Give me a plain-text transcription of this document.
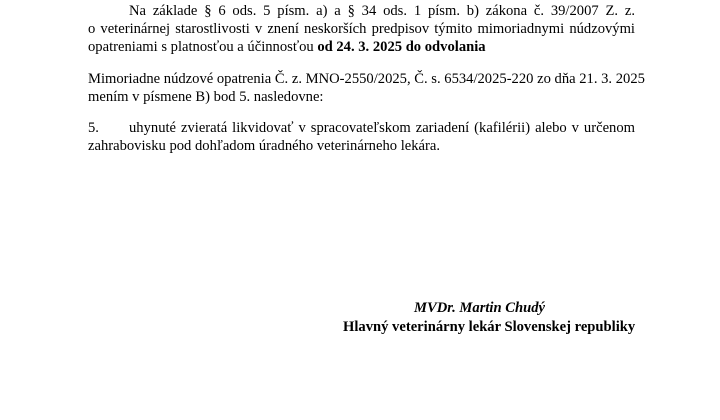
Na základe § 6 ods. 5 písm. a) a § 34 ods. 1 písm. b) zákona č. 39/2007 Z. z.
o veterinárnej starostlivosti v znení neskorších predpisov týmito mimoriadnymi núdzovými
opatreniami s platnosťou a účinnosťou od 24. 3. 2025 do odvolania
Mimoriadne núdzové opatrenia Č. z. MNO-2550/2025, Č. s. 6534/2025-220 zo dňa 21. 3. 2025
mením v písmene B) bod 5. nasledovne:
5. uhynuté zvieratá likvidovať v spracovateľskom zariadení (kafilérii) alebo v určenom
zahrabovisku pod dohľadom úradného veterinárneho lekára.
MVDr. Martin Chudý
Hlavný veterinárny lekár Slovenskej republiky
